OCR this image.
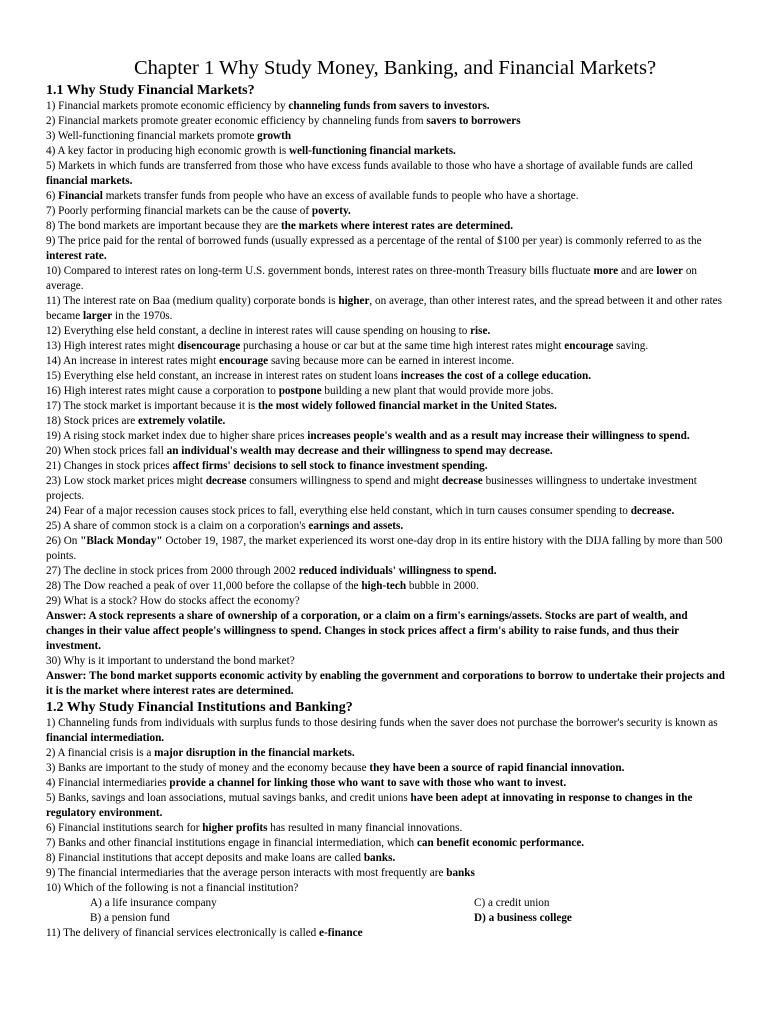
Chapter 1 Why Study Money, Banking, and Financial Markets?
1.1 Why Study Financial Markets?

1) Financial markets promote economic efficiency by channeling funds from savers to investors.

2) Financial markets promote greater economic efficiency by channeling funds from savers to borrowers

3) Well-functioning financial markets promote growth

4) A key factor in producing high economic growth is well-functioning financial markets.

5) Markets in which funds are transferred from those who have excess funds available to those who have a shortage of available funds are called financial markets.

6) Financial markets transfer funds from people who have an excess of available funds to people who have a shortage.

7) Poorly performing financial markets can be the cause of poverty.

8) The bond markets are important because they are the markets where interest rates are determined.

9) The price paid for the rental of borrowed funds (usually expressed as a percentage of the rental of $100 per year) is commonly referred to as the interest rate.

10) Compared to interest rates on long-term U.S. government bonds, interest rates on three-month Treasury bills fluctuate more and are lower on average.

11) The interest rate on Baa (medium quality) corporate bonds is higher, on average, than other interest rates, and the spread between it and other rates became larger in the 1970s.

12) Everything else held constant, a decline in interest rates will cause spending on housing to rise.

13) High interest rates might disencourage purchasing a house or car but at the same time high interest rates might encourage saving.

14) An increase in interest rates might encourage saving because more can be earned in interest income.

15) Everything else held constant, an increase in interest rates on student loans increases the cost of a college education.

16) High interest rates might cause a corporation to postpone building a new plant that would provide more jobs.

17) The stock market is important because it is the most widely followed financial market in the United States.

18) Stock prices are extremely volatile.

19) A rising stock market index due to higher share prices increases people's wealth and as a result may increase their willingness to spend.

20) When stock prices fall an individual's wealth may decrease and their willingness to spend may decrease.

21) Changes in stock prices affect firms' decisions to sell stock to finance investment spending.

23) Low stock market prices might decrease consumers willingness to spend and might decrease businesses willingness to undertake investment projects.

24) Fear of a major recession causes stock prices to fall, everything else held constant, which in turn causes consumer spending to decrease.

25) A share of common stock is a claim on a corporation's earnings and assets.

26) On "Black Monday" October 19, 1987, the market experienced its worst one-day drop in its entire history with the DIJA falling by more than 500 points.

27) The decline in stock prices from 2000 through 2002 reduced individuals' willingness to spend.

28) The Dow reached a peak of over 11,000 before the collapse of the high-tech bubble in 2000.

29) What is a stock? How do stocks affect the economy?

Answer: A stock represents a share of ownership of a corporation, or a claim on a firm's earnings/assets. Stocks are part of wealth, and changes in their value affect people's willingness to spend. Changes in stock prices affect a firm's ability to raise funds, and thus their investment.

30) Why is it important to understand the bond market?

Answer: The bond market supports economic activity by enabling the government and corporations to borrow to undertake their projects and it is the market where interest rates are determined.

1.2 Why Study Financial Institutions and Banking?

1) Channeling funds from individuals with surplus funds to those desiring funds when the saver does not purchase the borrower's security is known as financial intermediation.

2) A financial crisis is a major disruption in the financial markets.

3) Banks are important to the study of money and the economy because they have been a source of rapid financial innovation.

4) Financial intermediaries provide a channel for linking those who want to save with those who want to invest.

5) Banks, savings and loan associations, mutual savings banks, and credit unions have been adept at innovating in response to changes in the regulatory environment.

6) Financial institutions search for higher profits has resulted in many financial innovations.

7) Banks and other financial institutions engage in financial intermediation, which can benefit economic performance.

8) Financial institutions that accept deposits and make loans are called banks.

9) The financial intermediaries that the average person interacts with most frequently are banks

10) Which of the following is not a financial institution?

A) a life insurance company	C) a credit union
B) a pension fund	D) a business college

11) The delivery of financial services electronically is called e-finance
